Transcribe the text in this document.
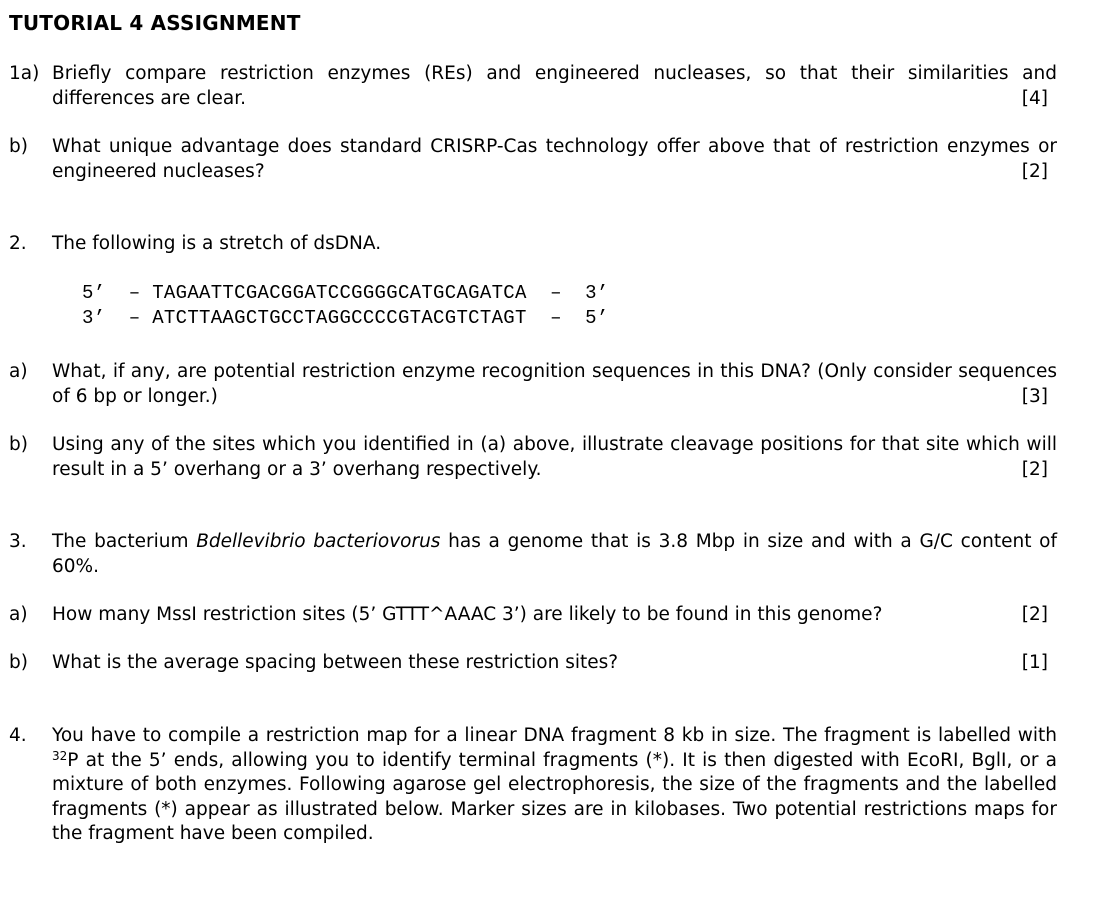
TUTORIAL 4 ASSIGNMENT
1a) Briefly compare restriction enzymes (REs) and engineered nucleases, so that their similarities and differences are clear.	[4]
b) What unique advantage does standard CRISRP-Cas technology offer above that of restriction enzymes or engineered nucleases?	[2]
2. The following is a stretch of dsDNA.
5’  – TAGAATTCGACGGATCCGGGGCATGCAGATCA  –  3’
3’  – ATCTTAAGCTGCCTAGGCCCCGTACGTCTAGT  –  5’
a) What, if any, are potential restriction enzyme recognition sequences in this DNA? (Only consider sequences of 6 bp or longer.)	[3]
b) Using any of the sites which you identified in (a) above, illustrate cleavage positions for that site which will result in a 5’ overhang or a 3’ overhang respectively.	[2]
3. The bacterium Bdellevibrio bacteriovorus has a genome that is 3.8 Mbp in size and with a G/C content of 60%.
a) How many MssI restriction sites (5’ GTTT^AAAC 3’) are likely to be found in this genome?	[2]
b) What is the average spacing between these restriction sites?	[1]
4. You have to compile a restriction map for a linear DNA fragment 8 kb in size. The fragment is labelled with $^{32}$P at the 5’ ends, allowing you to identify terminal fragments (*). It is then digested with EcoRI, BglI, or a mixture of both enzymes. Following agarose gel electrophoresis, the size of the fragments and the labelled fragments (*) appear as illustrated below. Marker sizes are in kilobases. Two potential restrictions maps for the fragment have been compiled.
